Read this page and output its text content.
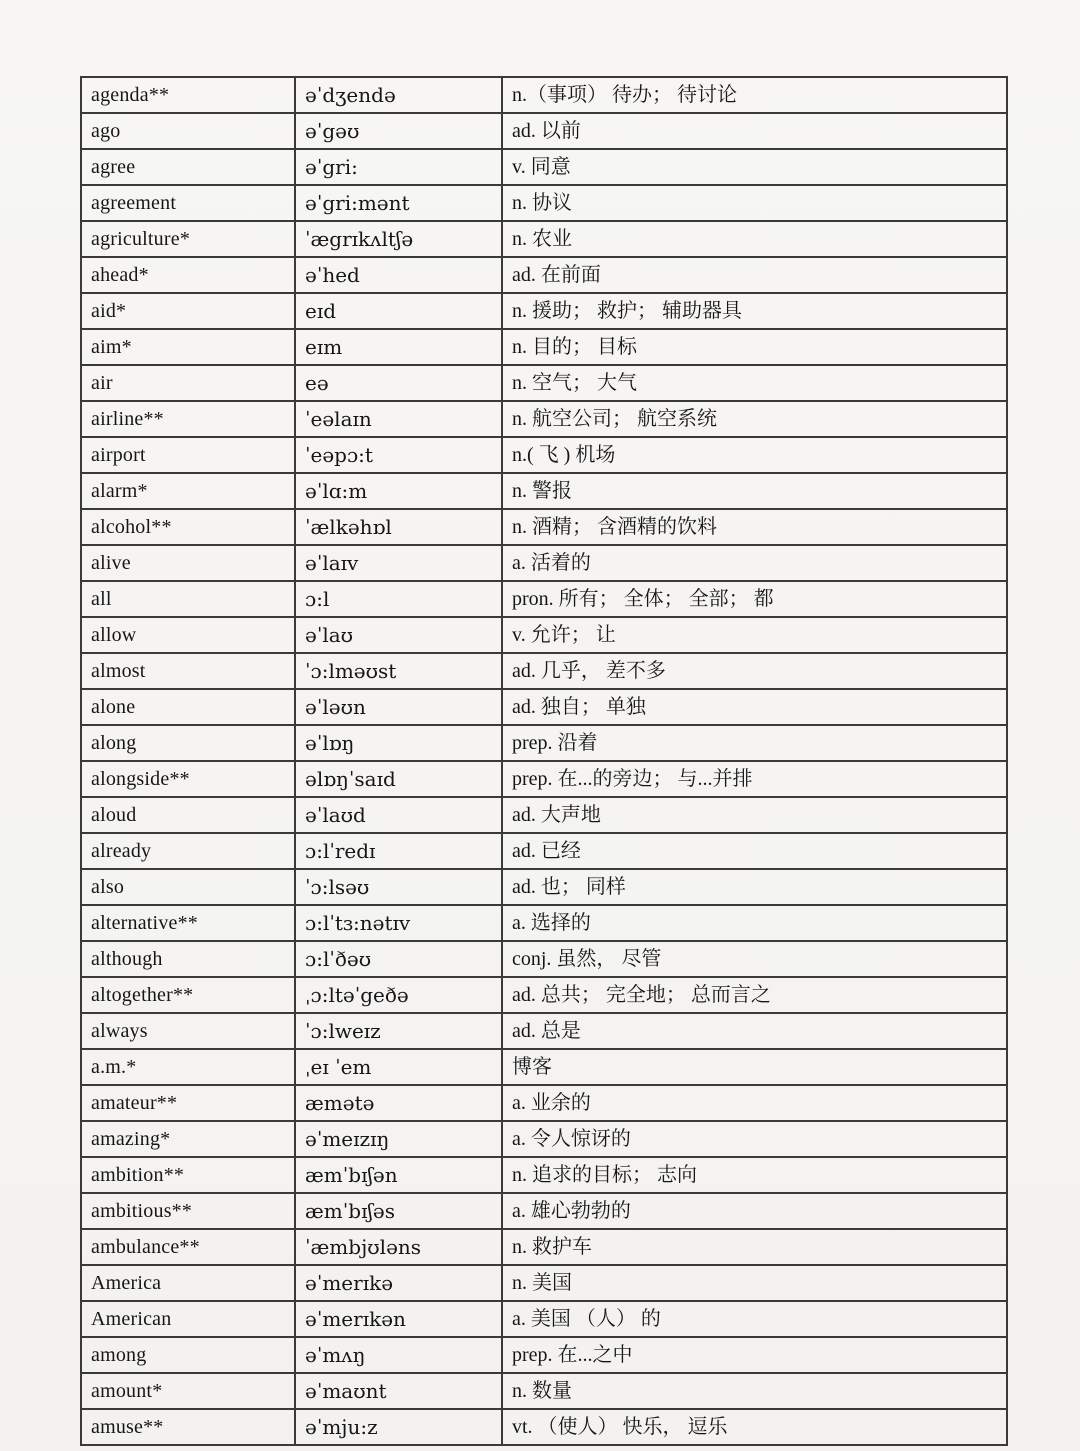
agenda**	əˈdʒendə	n.（事项） 待办； 待讨论
ago	əˈgəʊ	ad. 以前
agree	əˈgri:	v. 同意
agreement	əˈgri:mənt	n. 协议
agriculture*	ˈægrɪkʌltʃə	n. 农业
ahead*	əˈhed	ad. 在前面
aid*	eɪd	n. 援助； 救护； 辅助器具
aim*	eɪm	n. 目的； 目标
air	eə	n. 空气； 大气
airline**	ˈeəlaɪn	n. 航空公司； 航空系统
airport	ˈeəpɔ:t	n.( 飞 ) 机场
alarm*	əˈlɑ:m	n. 警报
alcohol**	ˈælkəhɒl	n. 酒精； 含酒精的饮料
alive	əˈlaɪv	a. 活着的
all	ɔ:l	pron. 所有； 全体； 全部； 都
allow	əˈlaʊ	v. 允许； 让
almost	ˈɔ:lməʊst	ad. 几乎， 差不多
alone	əˈləʊn	ad. 独自； 单独
along	əˈlɒŋ	prep. 沿着
alongside**	əlɒŋˈsaɪd	prep. 在...的旁边； 与...并排
aloud	əˈlaʊd	ad. 大声地
already	ɔ:lˈredɪ	ad. 已经
also	ˈɔ:lsəʊ	ad. 也； 同样
alternative**	ɔ:lˈtɜ:nətɪv	a. 选择的
although	ɔ:lˈðəʊ	conj. 虽然， 尽管
altogether**	ˌɔ:ltəˈgeðə	ad. 总共； 完全地； 总而言之
always	ˈɔ:lweɪz	ad. 总是
a.m.*	ˌeɪ ˈem	博客
amateur**	æmətə	a. 业余的
amazing*	əˈmeɪzɪŋ	a. 令人惊讶的
ambition**	æmˈbɪʃən	n. 追求的目标； 志向
ambitious**	æmˈbɪʃəs	a. 雄心勃勃的
ambulance**	ˈæmbjʊləns	n. 救护车
America	əˈmerɪkə	n. 美国
American	əˈmerɪkən	a. 美国 （人） 的
among	əˈmʌŋ	prep. 在...之中
amount*	əˈmaʊnt	n. 数量
amuse**	əˈmju:z	vt. （使人） 快乐， 逗乐
